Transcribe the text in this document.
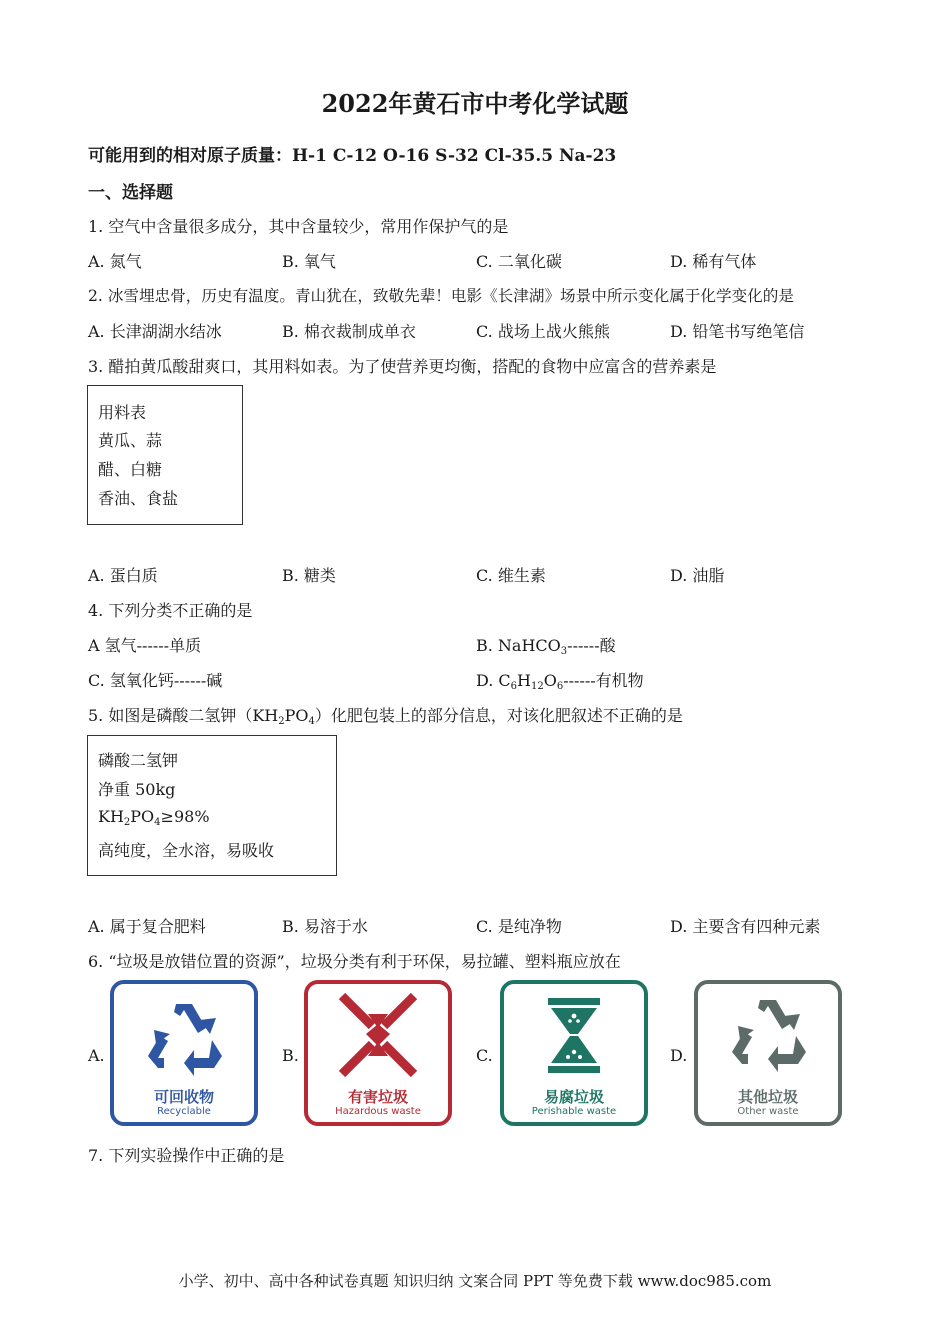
2022年黄石市中考化学试题
可能用到的相对原子质量：H-1 C-12 O-16 S-32 Cl-35.5 Na-23
一、选择题
1. 空气中含量很多成分，其中含量较少，常用作保护气的是
A. 氮气	B. 氧气	C. 二氧化碳	D. 稀有气体
2. 冰雪埋忠骨，历史有温度。青山犹在，致敬先辈！电影《长津湖》场景中所示变化属于化学变化的是
A. 长津湖湖水结冰	B. 棉衣裁制成单衣	C. 战场上战火熊熊	D. 铅笔书写绝笔信
3. 醋拍黄瓜酸甜爽口，其用料如表。为了使营养更均衡，搭配的食物中应富含的营养素是
用料表
黄瓜、蒜
醋、白糖
香油、食盐
A. 蛋白质	B. 糖类	C. 维生素	D. 油脂
4. 下列分类不正确的是
A 氢气------单质	B. NaHCO$_3$------酸
C. 氢氧化钙------碱	D. $C_6H_{12}O_6------$有机物
5. 如图是磷酸二氢钾$(KH_2PO_4)$化肥包装上的部分信息，对该化肥叙述不正确的是
磷酸二氢钾
净重 50kg
$KH_2PO_4\ge 98\%$
高纯度，全水溶，易吸收
A. 属于复合肥料	B. 易溶于水	C. 是纯净物	D. 主要含有四种元素
6. “垃圾是放错位置的资源”，垃圾分类有利于环保，易拉罐、塑料瓶应放在
A.	B.	C.	D.
可回收物
Recyclable
有害垃圾
Hazardous waste
易腐垃圾
Perishable waste
其他垃圾
Other waste
7. 下列实验操作中正确的是
小学、初中、高中各种试卷真题 知识归纳 文案合同 PPT 等免费下载 www.doc985.com
